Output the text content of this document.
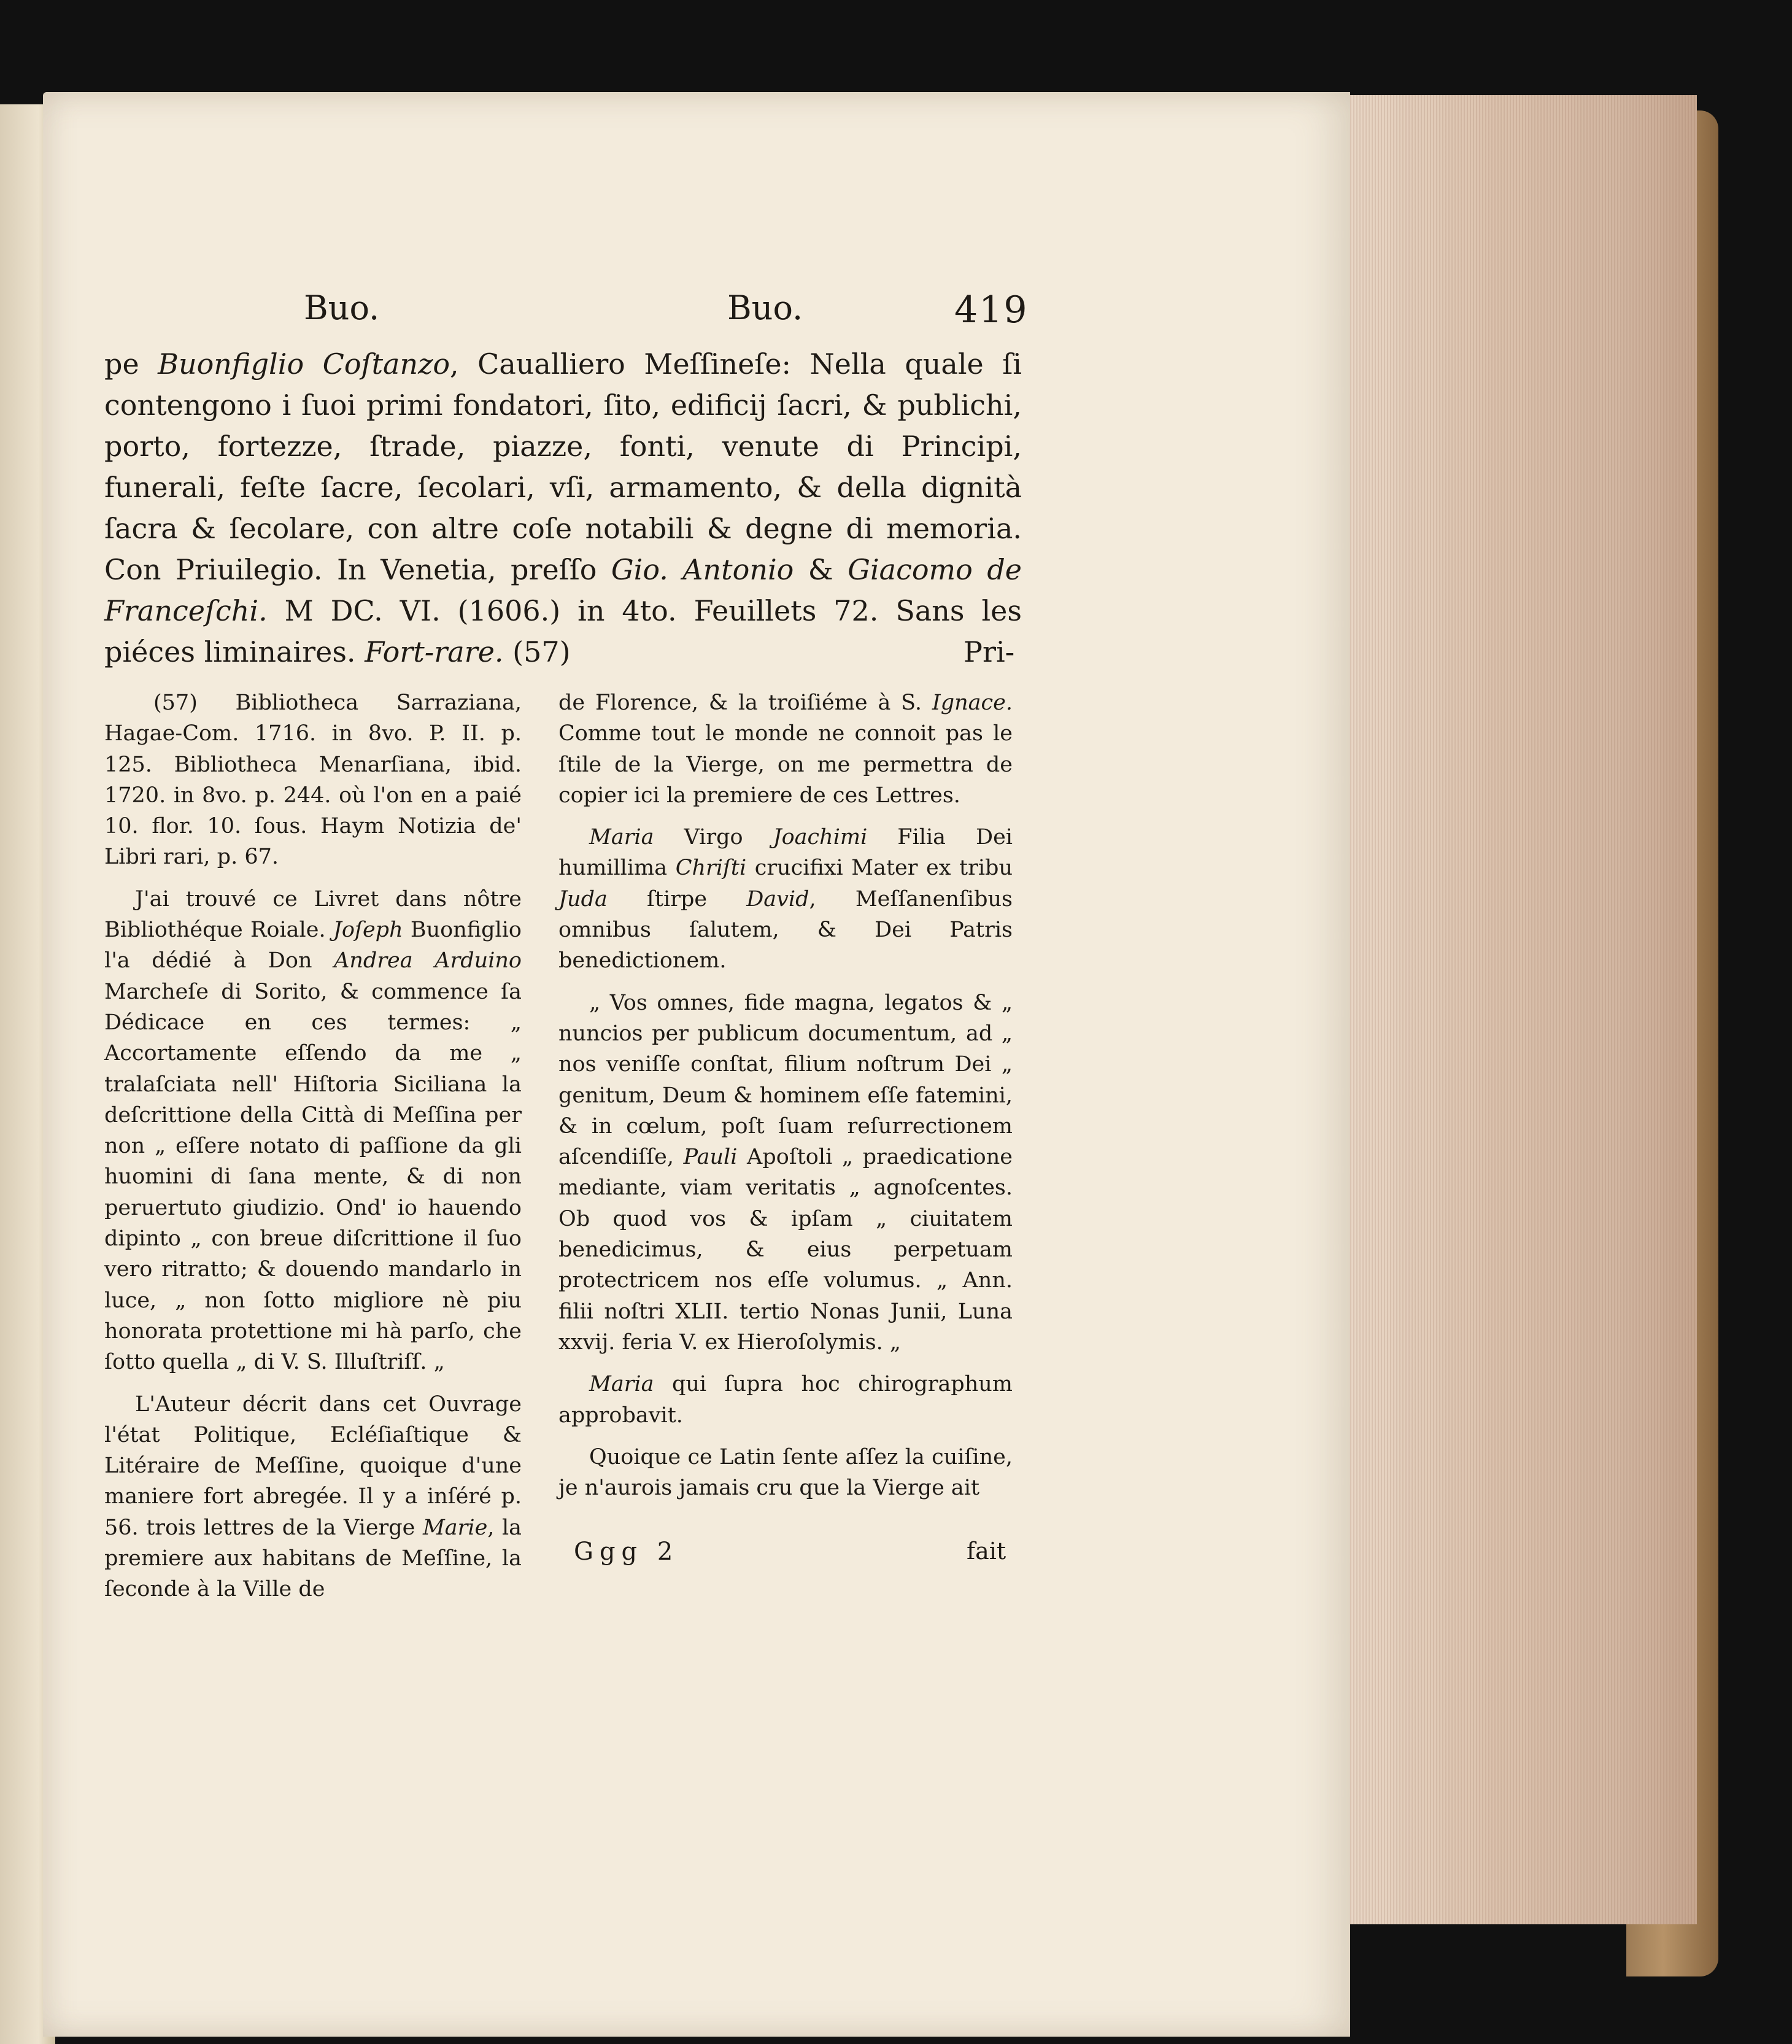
Buo.	Buo.	419

pe Buonfiglio Coſtanzo, Caualliero Meſſineſe: Nella quale ſi contengono i ſuoi primi fondatori, ſito, edificij ſacri, & publichi, porto, fortezze, ſtrade, piazze, fonti, venute di Principi, funerali, feſte ſacre, ſecolari, vſi, armamento, & della dignità ſacra & ſecolare, con altre coſe notabili & degne di memoria. Con Priuilegio. In Venetia, preſſo Gio. Antonio & Giacomo de Franceſchi. M DC. VI. (1606.) in 4to. Feuillets 72. Sans les piéces liminaires. Fort-rare. (57)	Pri-

(57) Bibliotheca Sarraziana, Hagae-Com. 1716. in 8vo. P. II. p. 125. Bibliotheca Menarſiana, ibid. 1720. in 8vo. p. 244. où l'on en a paié 10. flor. 10. ſous. Haym Notizia de' Libri rari, p. 67.

J'ai trouvé ce Livret dans nôtre Bibliothéque Roiale. Joſeph Buonfiglio l'a dédié à Don Andrea Arduino Marcheſe di Sorito, & commence ſa Dédicace en ces termes: „ Accortamente eſſendo da me „ tralaſciata nell' Hiſtoria Siciliana la deſcrittione della Città di Meſſina per non „ eſſere notato di paſſione da gli huomini di ſana mente, & di non peruertuto giudizio. Ond' io hauendo dipinto „ con breue diſcrittione il ſuo vero ritratto; & douendo mandarlo in luce, „ non ſotto migliore nè piu honorata protettione mi hà parſo, che ſotto quella „ di V. S. Illuſtriſſ. „

L'Auteur décrit dans cet Ouvrage l'état Politique, Ecléſiaſtique & Litéraire de Meſſine, quoique d'une maniere fort abregée. Il y a inſéré p. 56. trois lettres de la Vierge Marie, la premiere aux habitans de Meſſine, la ſeconde à la Ville de

de Florence, & la troiſiéme à S. Ignace. Comme tout le monde ne connoit pas le ſtile de la Vierge, on me permettra de copier ici la premiere de ces Lettres.

Maria Virgo Joachimi Filia Dei humillima Chriſti crucifixi Mater ex tribu Juda ſtirpe David, Meſſanenſibus omnibus ſalutem, & Dei Patris benedictionem.

„ Vos omnes, fide magna, legatos & „ nuncios per publicum documentum, ad „ nos veniſſe conſtat, filium noſtrum Dei „ genitum, Deum & hominem eſſe fatemini, & in cœlum, poſt ſuam reſurrectionem aſcendiſſe, Pauli Apoſtoli „ praedicatione mediante, viam veritatis „ agnoſcentes. Ob quod vos & ipſam „ ciuitatem benedicimus, & eius perpetuam protectricem nos eſſe volumus. „ Ann. filii noſtri XLII. tertio Nonas Junii, Luna xxvij. feria V. ex Hieroſolymis. „

Maria qui ſupra hoc chirographum approbavit.

Quoique ce Latin ſente aſſez la cuiſine, je n'aurois jamais cru que la Vierge ait

Ggg 2	fait
